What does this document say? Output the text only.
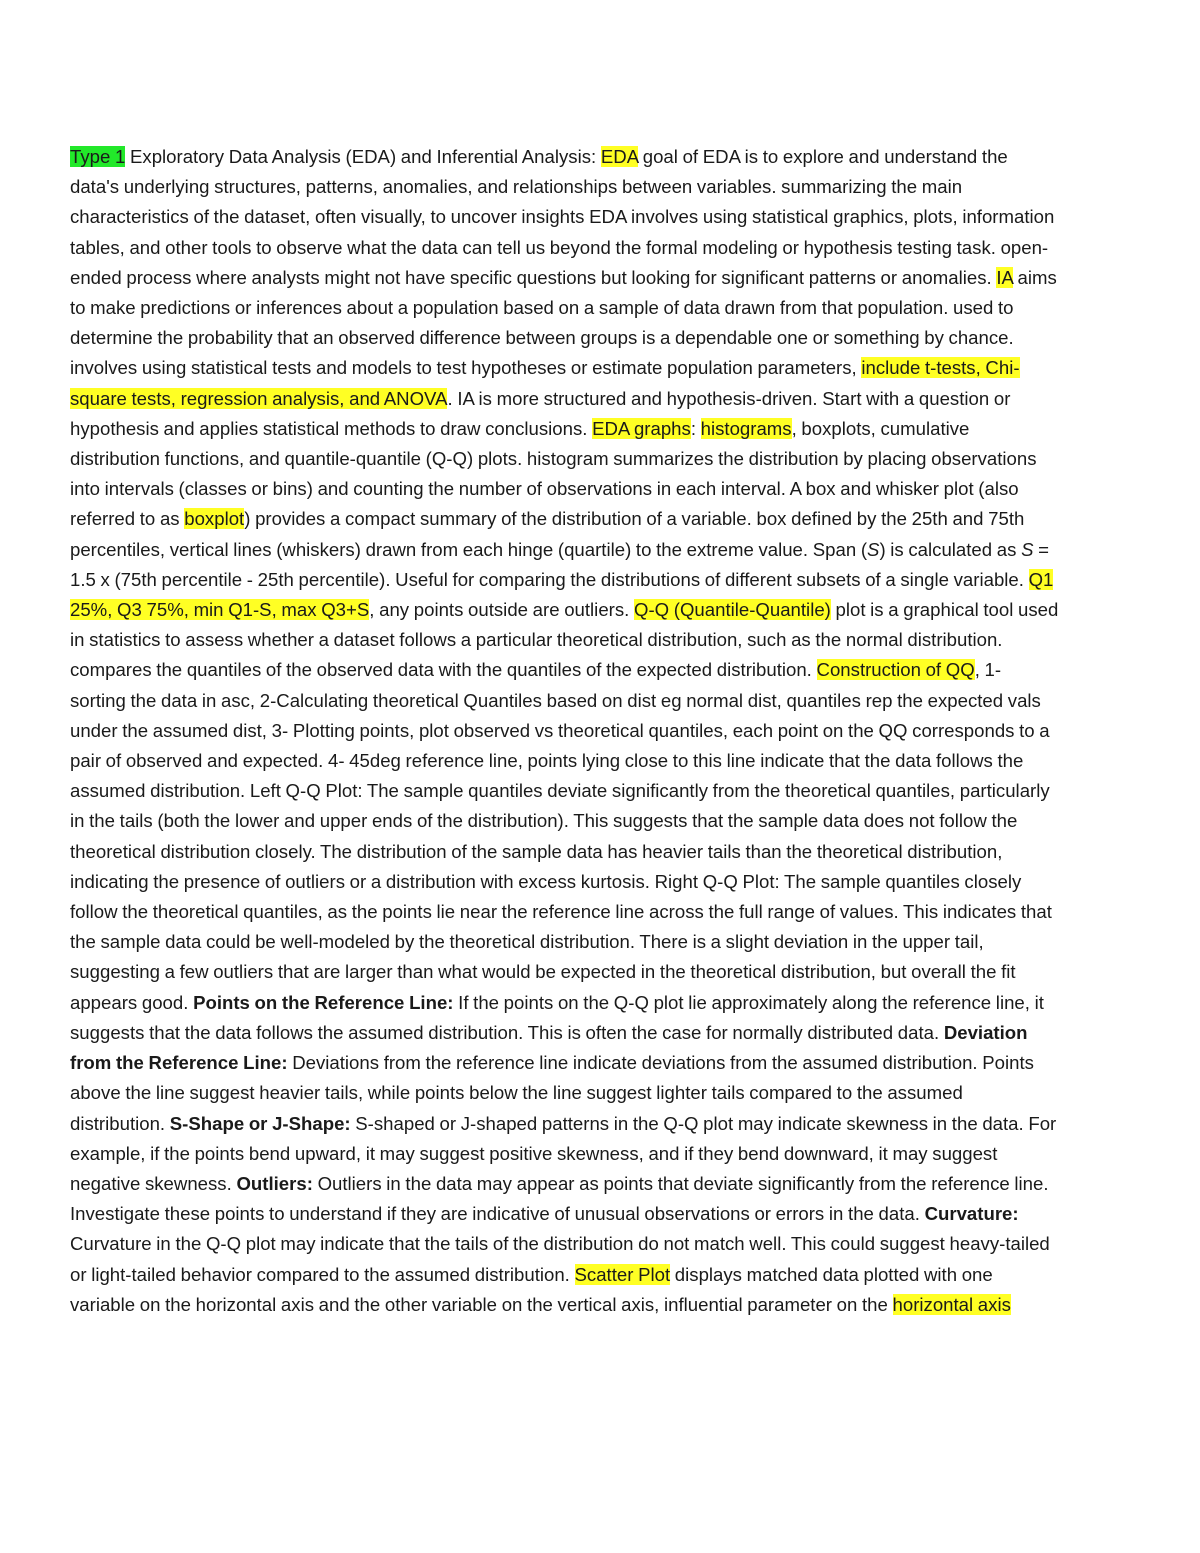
Type 1 Exploratory Data Analysis (EDA) and Inferential Analysis: EDA goal of EDA is to explore and understand the data's underlying structures, patterns, anomalies, and relationships between variables. summarizing the main characteristics of the dataset, often visually, to uncover insights EDA involves using statistical graphics, plots, information tables, and other tools to observe what the data can tell us beyond the formal modeling or hypothesis testing task. open-ended process where analysts might not have specific questions but looking for significant patterns or anomalies. IA aims to make predictions or inferences about a population based on a sample of data drawn from that population. used to determine the probability that an observed difference between groups is a dependable one or something by chance. involves using statistical tests and models to test hypotheses or estimate population parameters, include t-tests, Chi-square tests, regression analysis, and ANOVA. IA is more structured and hypothesis-driven. Start with a question or hypothesis and applies statistical methods to draw conclusions. EDA graphs: histograms, boxplots, cumulative distribution functions, and quantile-quantile (Q-Q) plots. histogram summarizes the distribution by placing observations into intervals (classes or bins) and counting the number of observations in each interval. A box and whisker plot (also referred to as boxplot) provides a compact summary of the distribution of a variable. box defined by the 25th and 75th percentiles, vertical lines (whiskers) drawn from each hinge (quartile) to the extreme value. Span (S) is calculated as S = 1.5 x (75th percentile - 25th percentile). Useful for comparing the distributions of different subsets of a single variable. Q1 25%, Q3 75%, min Q1-S, max Q3+S, any points outside are outliers. Q-Q (Quantile-Quantile) plot is a graphical tool used in statistics to assess whether a dataset follows a particular theoretical distribution, such as the normal distribution. compares the quantiles of the observed data with the quantiles of the expected distribution. Construction of QQ, 1- sorting the data in asc, 2-Calculating theoretical Quantiles based on dist eg normal dist, quantiles rep the expected vals under the assumed dist, 3- Plotting points, plot observed vs theoretical quantiles, each point on the QQ corresponds to a pair of observed and expected. 4- 45deg reference line, points lying close to this line indicate that the data follows the assumed distribution. Left Q-Q Plot: The sample quantiles deviate significantly from the theoretical quantiles, particularly in the tails (both the lower and upper ends of the distribution). This suggests that the sample data does not follow the theoretical distribution closely. The distribution of the sample data has heavier tails than the theoretical distribution, indicating the presence of outliers or a distribution with excess kurtosis. Right Q-Q Plot: The sample quantiles closely follow the theoretical quantiles, as the points lie near the reference line across the full range of values. This indicates that the sample data could be well-modeled by the theoretical distribution. There is a slight deviation in the upper tail, suggesting a few outliers that are larger than what would be expected in the theoretical distribution, but overall the fit appears good. Points on the Reference Line: If the points on the Q-Q plot lie approximately along the reference line, it suggests that the data follows the assumed distribution. This is often the case for normally distributed data. Deviation from the Reference Line: Deviations from the reference line indicate deviations from the assumed distribution. Points above the line suggest heavier tails, while points below the line suggest lighter tails compared to the assumed distribution. S-Shape or J-Shape: S-shaped or J-shaped patterns in the Q-Q plot may indicate skewness in the data. For example, if the points bend upward, it may suggest positive skewness, and if they bend downward, it may suggest negative skewness. Outliers: Outliers in the data may appear as points that deviate significantly from the reference line. Investigate these points to understand if they are indicative of unusual observations or errors in the data. Curvature: Curvature in the Q-Q plot may indicate that the tails of the distribution do not match well. This could suggest heavy-tailed or light-tailed behavior compared to the assumed distribution. Scatter Plot displays matched data plotted with one variable on the horizontal axis and the other variable on the vertical axis, influential parameter on the horizontal axis
